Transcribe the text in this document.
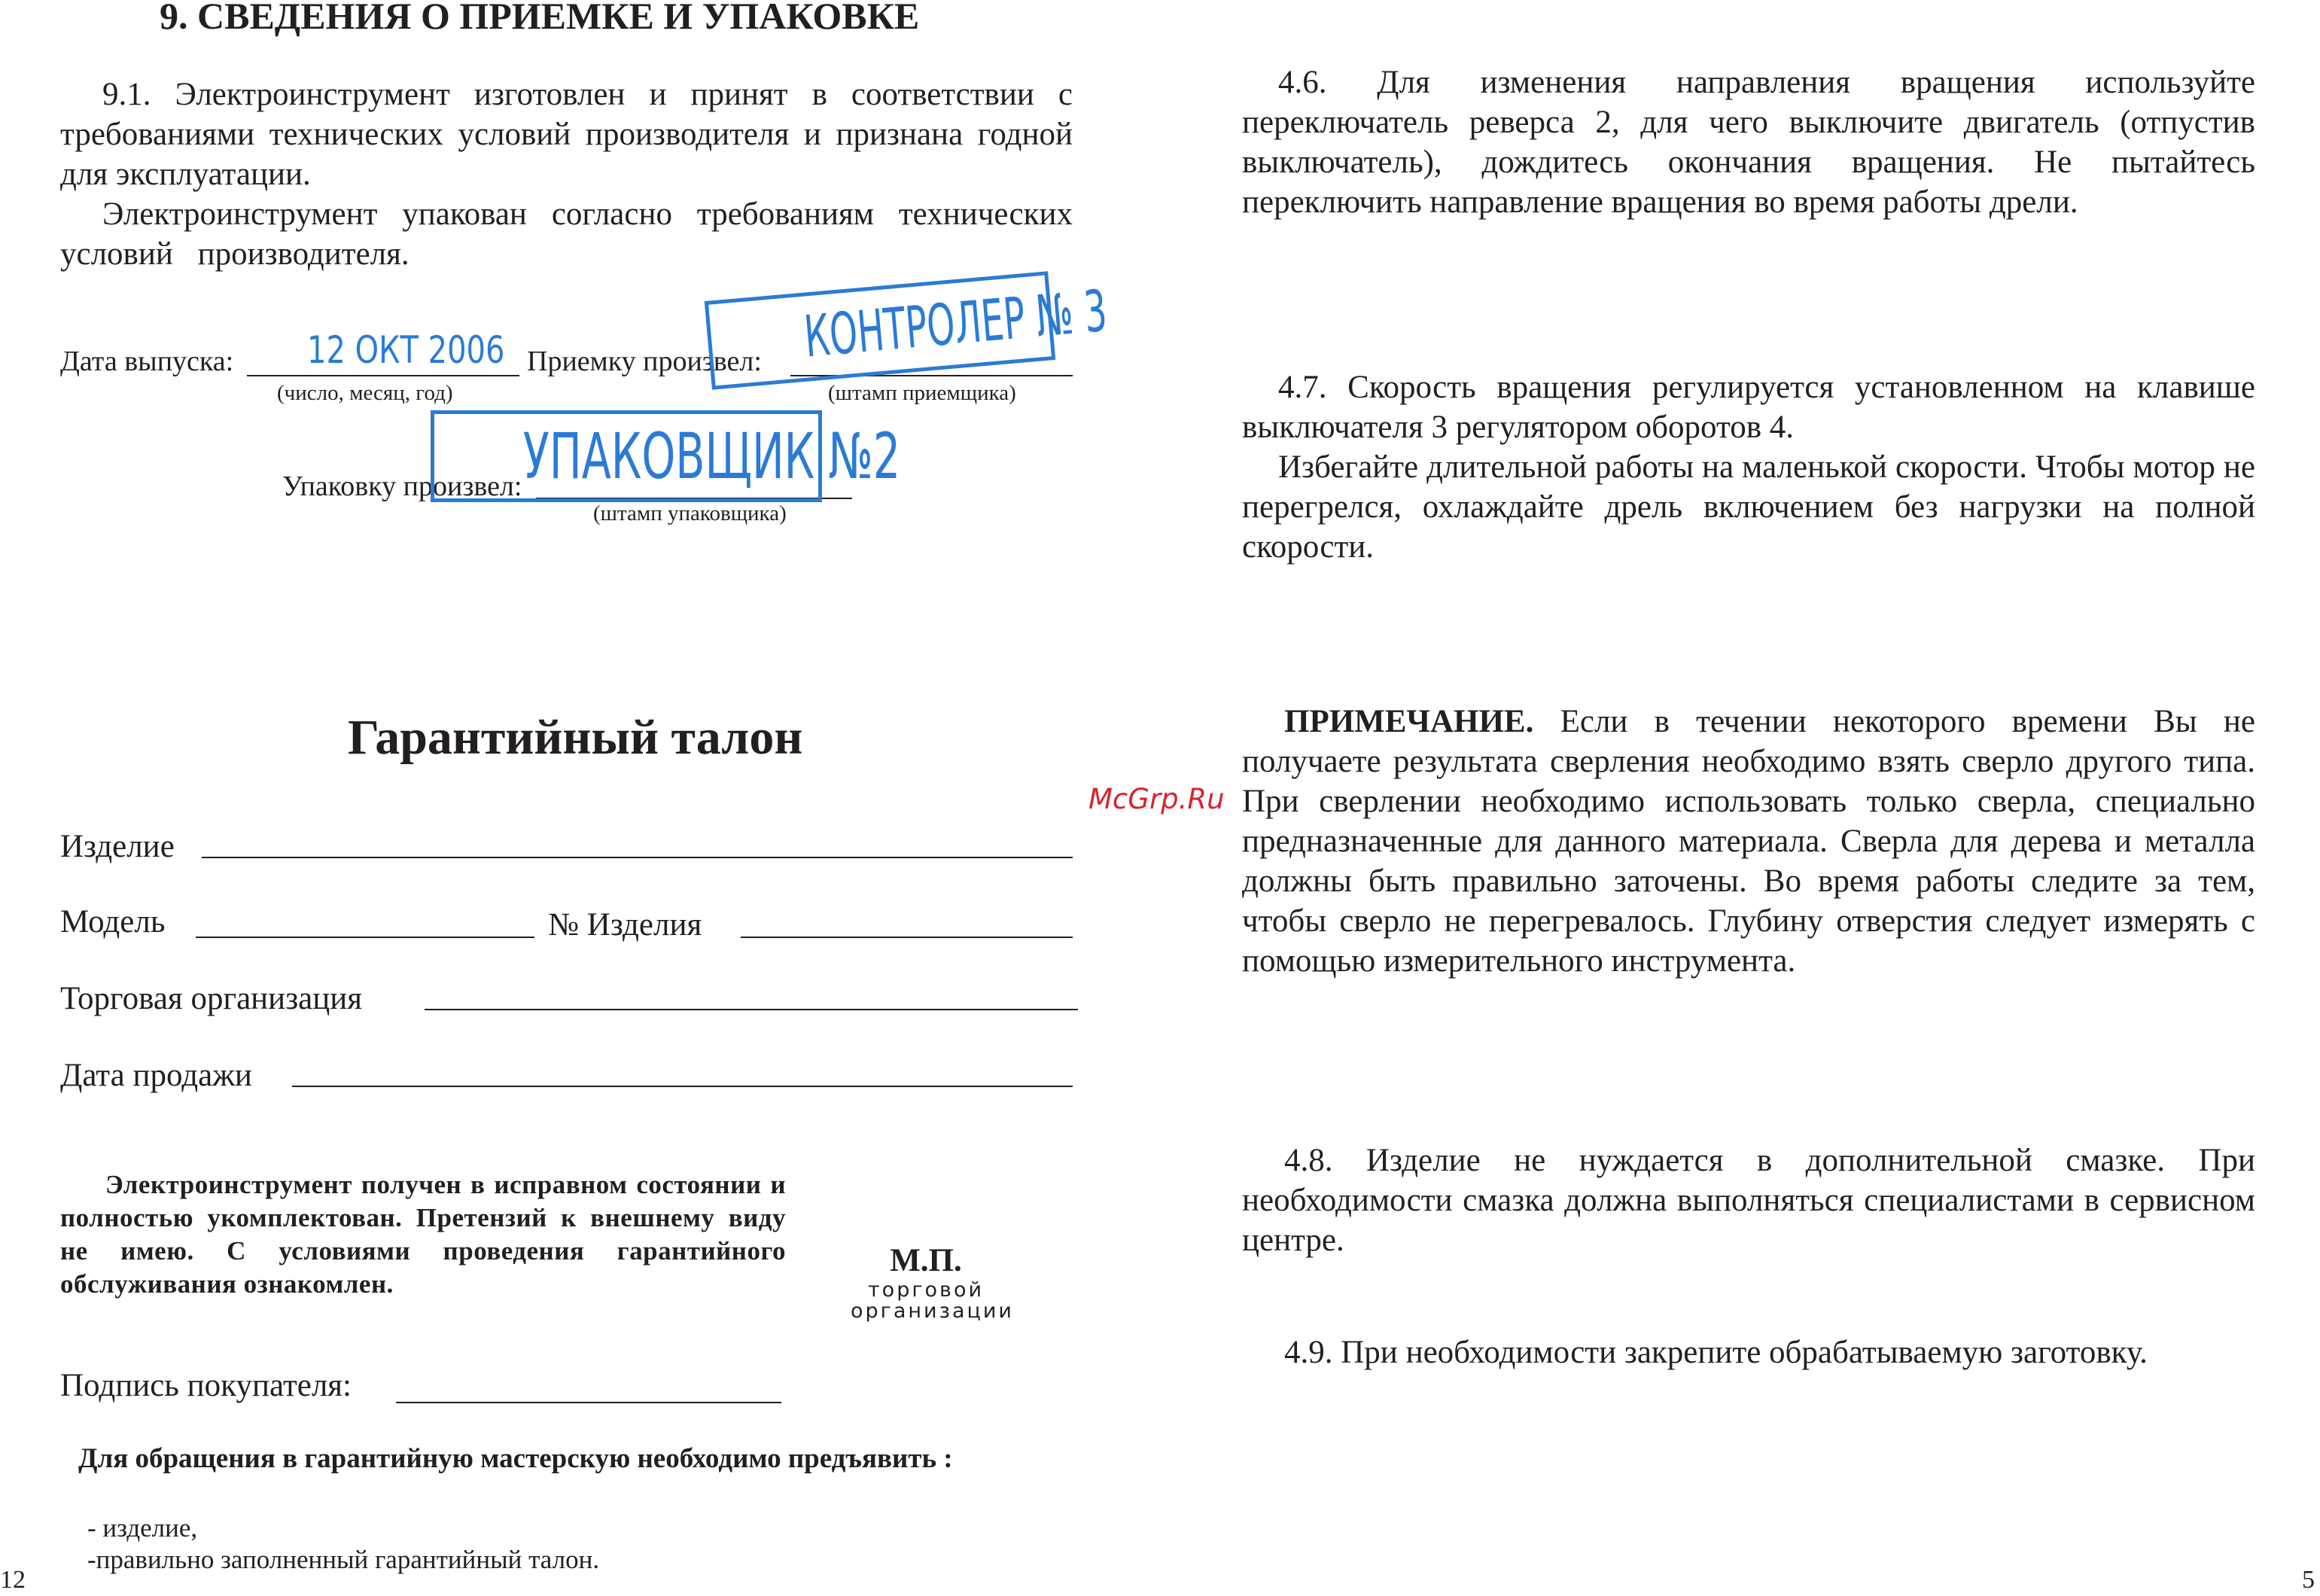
9. СВЕДЕНИЯ О ПРИЕМКЕ И УПАКОВКЕ

9.1. Электроинструмент изготовлен и принят в соответствии с требованиями технических условий производителя и признана годной для эксплуатации.

Электроинструмент упакован согласно требованиям технических условий производителя.

Дата выпуска: 12 ОКТ 2006
(число, месяц, год)
Приемку произвел:
(штамп приемщика)
КОНТРОЛЕР № 3
Упаковку произвел:
(штамп упаковщика)
УПАКОВЩИК №2
Гарантийный талон
Изделие
Модель	№ Изделия
Торговая организация
Дата продажи

Электроинструмент получен в исправном состоянии и полностью укомплектован. Претензий к внешнему виду не имею. С условиями проведения гарантийного обслуживания ознакомлен.

М.П.
торговой
организации
Подпись покупателя:
Для обращения в гарантийную мастерскую необходимо предъявить :
- изделие,
-правильно заполненный гарантийный талон.
12
McGrp.Ru

4.6. Для изменения направления вращения используйте переключатель реверса 2, для чего выключите двигатель (отпустив выключатель), дождитесь окончания вращения. Не пытайтесь переключить направление вращения во время работы дрели.

4.7. Скорость вращения регулируется установленном на клавише выключателя 3 регулятором оборотов 4.

Избегайте длительной работы на маленькой скорости. Чтобы мотор не перегрелся, охлаждайте дрель включением без нагрузки на полной скорости.

ПРИМЕЧАНИЕ. Если в течении некоторого времени Вы не получаете результата сверления необходимо взять сверло другого типа. При сверлении необходимо использовать только сверла, специально предназначенные для данного материала. Сверла для дерева и металла должны быть правильно заточены. Во время работы следите за тем, чтобы сверло не перегревалось. Глубину отверстия следует измерять с помощью измерительного инструмента.

4.8. Изделие не нуждается в дополнительной смазке. При необходимости смазка должна выполняться специалистами в сервисном центре.

4.9. При необходимости закрепите обрабатываемую заготовку.
5
